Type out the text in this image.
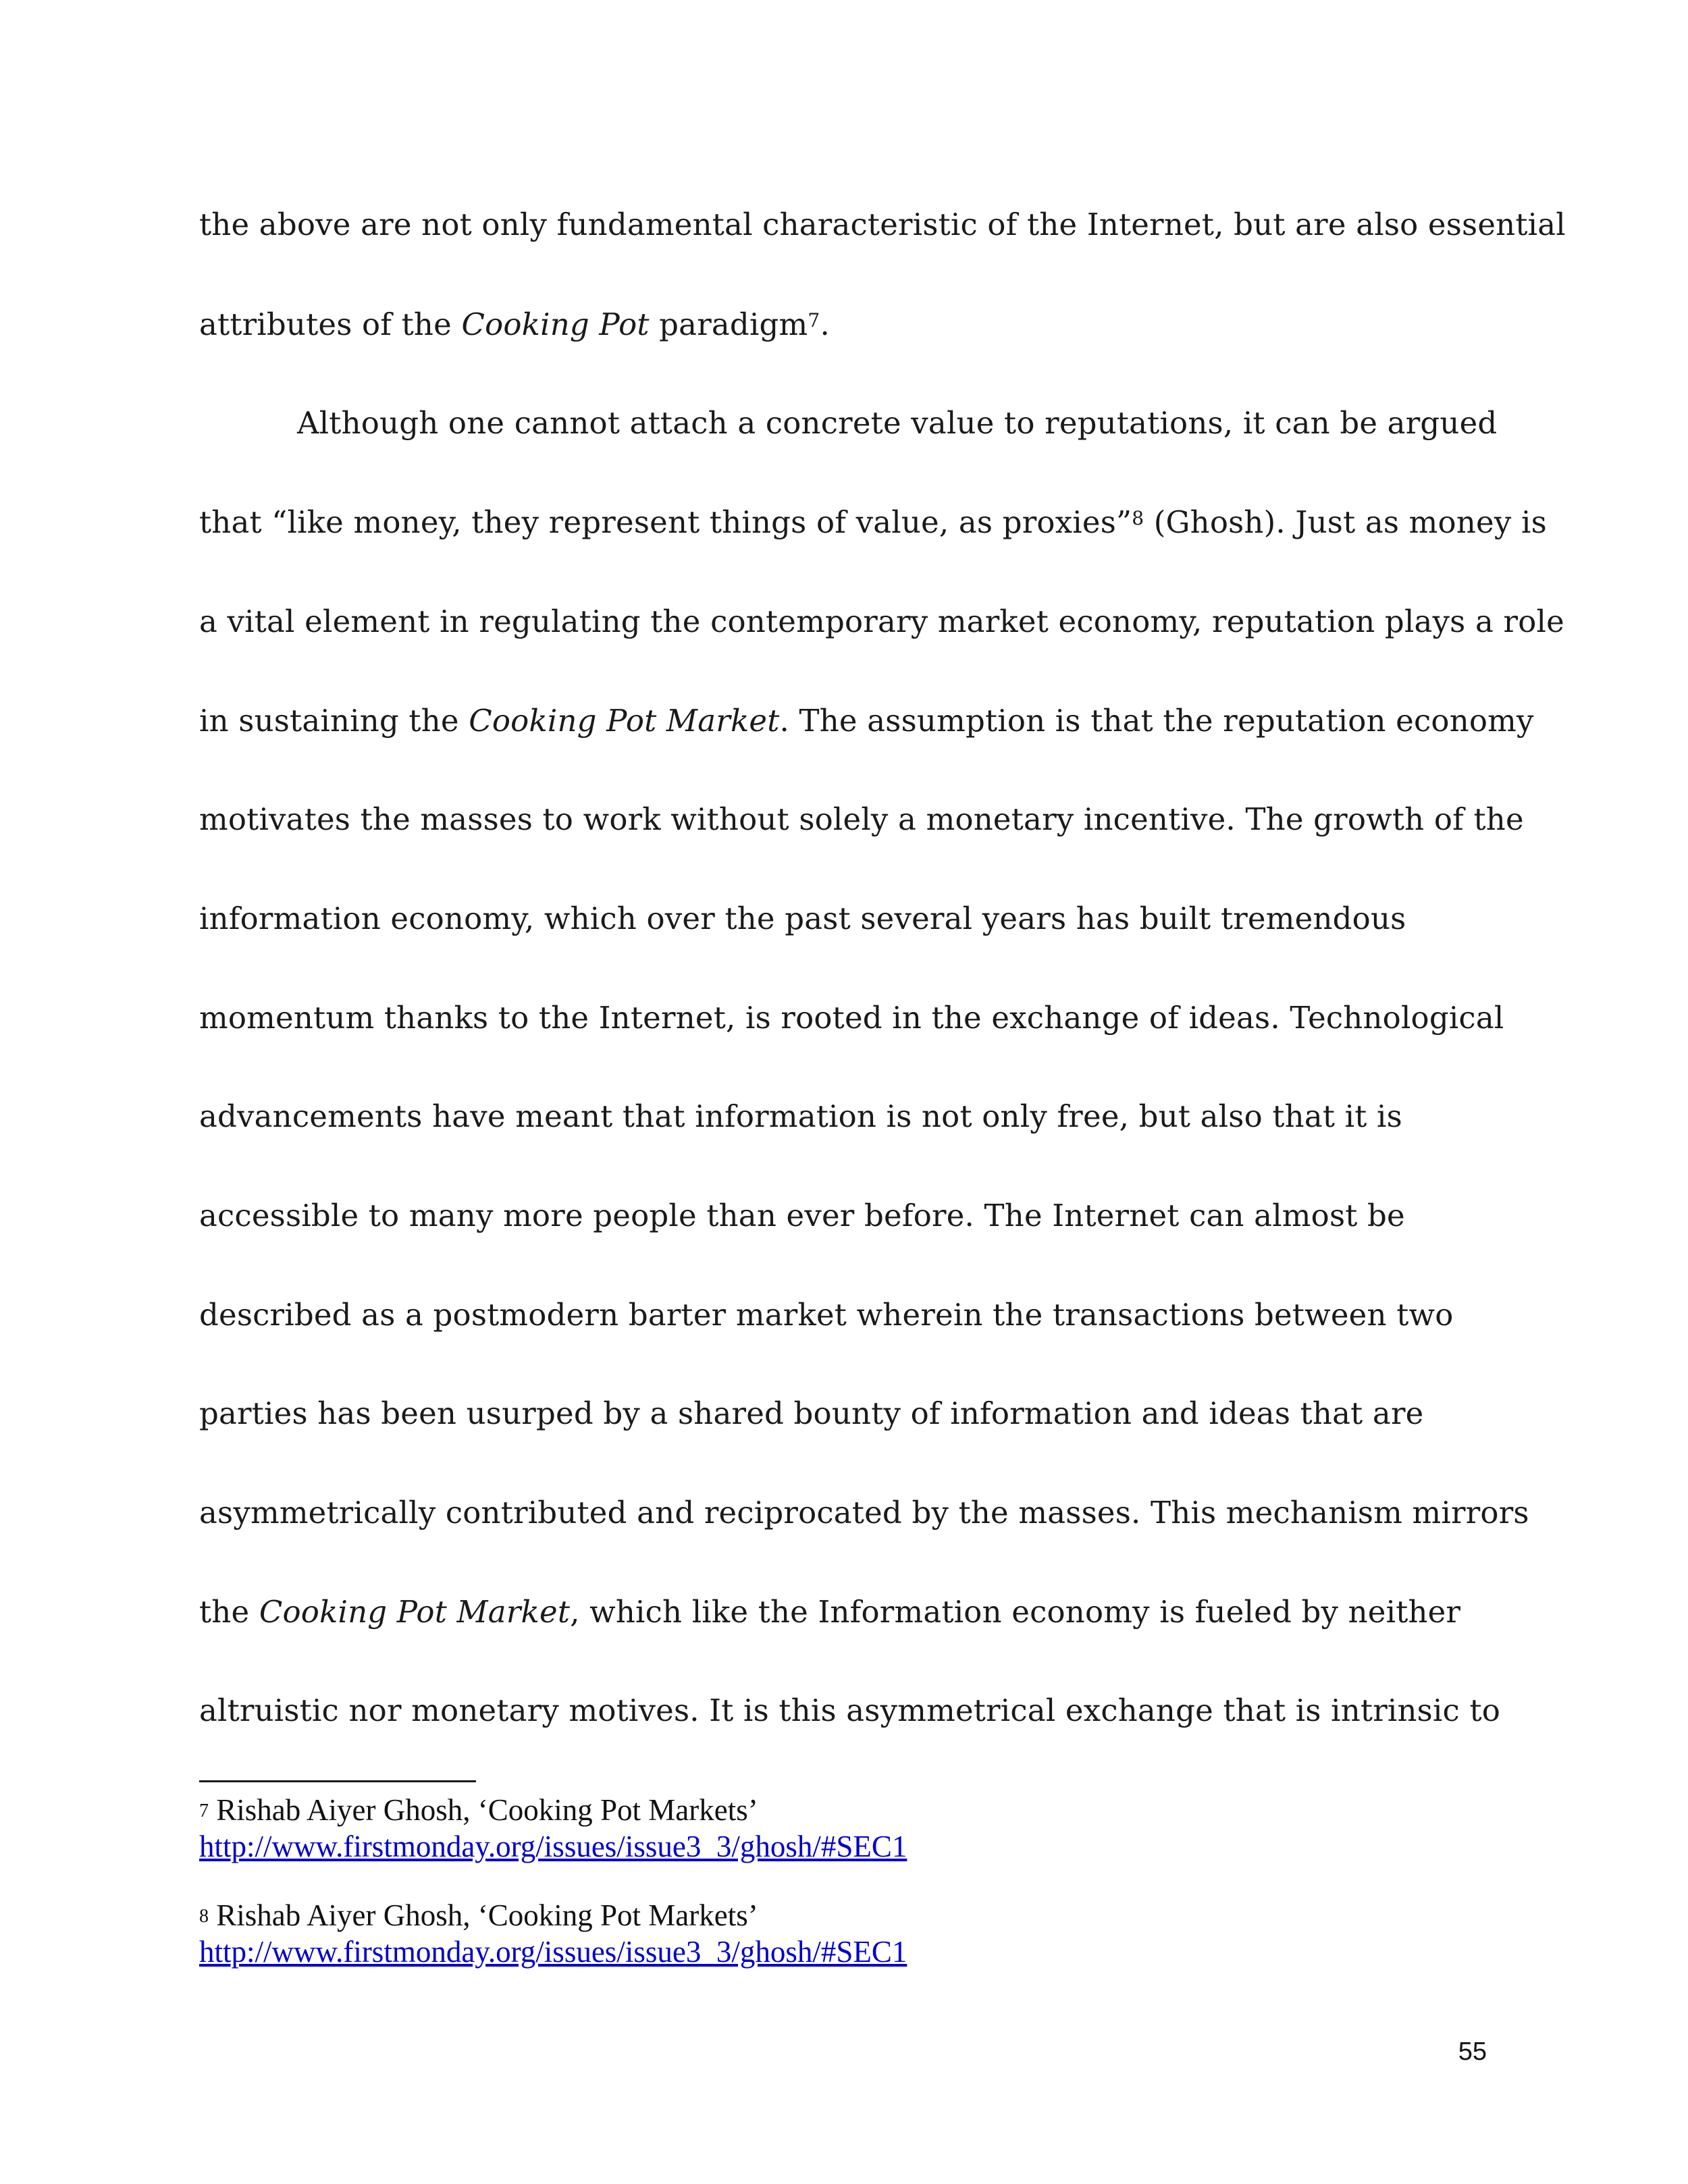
the above are not only fundamental characteristic of the Internet, but are also essential
attributes of the Cooking Pot paradigm$^7$.
Although one cannot attach a concrete value to reputations, it can be argued
that “like money, they represent things of value, as proxies”$^8$ (Ghosh). Just as money is
a vital element in regulating the contemporary market economy, reputation plays a role
in sustaining the Cooking Pot Market. The assumption is that the reputation economy
motivates the masses to work without solely a monetary incentive. The growth of the
information economy, which over the past several years has built tremendous
momentum thanks to the Internet, is rooted in the exchange of ideas. Technological
advancements have meant that information is not only free, but also that it is
accessible to many more people than ever before. The Internet can almost be
described as a postmodern barter market wherein the transactions between two
parties has been usurped by a shared bounty of information and ideas that are
asymmetrically contributed and reciprocated by the masses. This mechanism mirrors
the Cooking Pot Market, which like the Information economy is fueled by neither
altruistic nor monetary motives. It is this asymmetrical exchange that is intrinsic to
$^7$ Rishab Aiyer Ghosh, ‘Cooking Pot Markets’
http://www.firstmonday.org/issues/issue3_3/ghosh/#SEC1
$^8$ Rishab Aiyer Ghosh, ‘Cooking Pot Markets’
http://www.firstmonday.org/issues/issue3_3/ghosh/#SEC1
55
